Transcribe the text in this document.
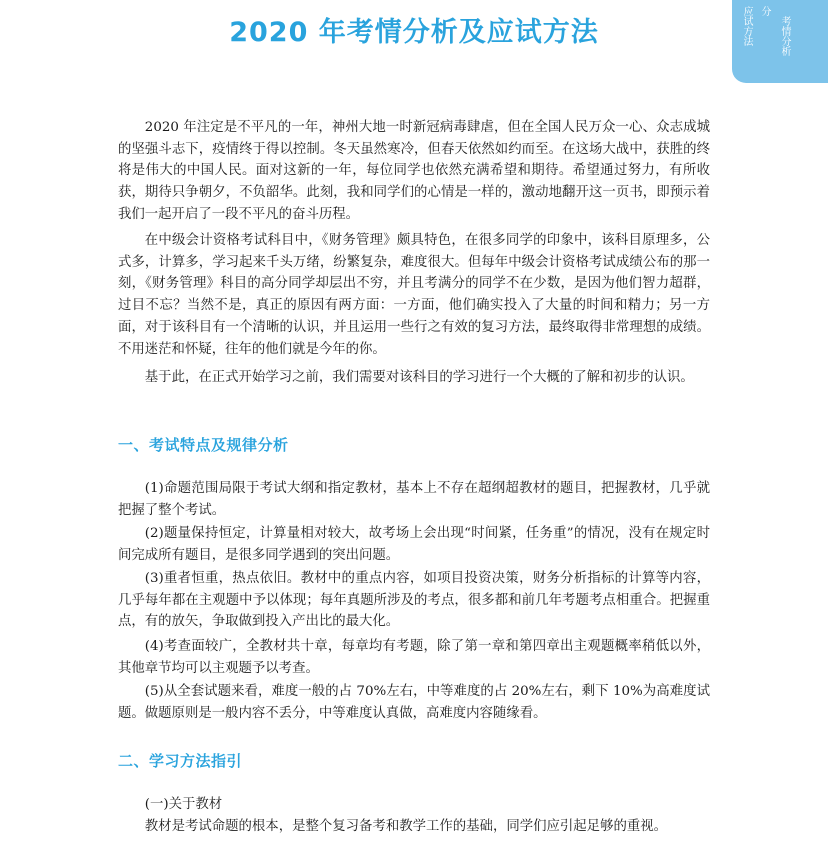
2020 年考情分析及应试方法	应试方法 分
考情分析

2020 年注定是不平凡的一年，神州大地一时新冠病毒肆虐，但在全国人民万众一心、众志成城的坚强斗志下，疫情终于得以控制。冬天虽然寒冷，但春天依然如约而至。在这场大战中，获胜的终将是伟大的中国人民。面对这新的一年，每位同学也依然充满希望和期待。希望通过努力，有所收获，期待只争朝夕，不负韶华。此刻，我和同学们的心情是一样的，激动地翻开这一页书，即预示着我们一起开启了一段不平凡的奋斗历程。

在中级会计资格考试科目中，《财务管理》颇具特色，在很多同学的印象中，该科目原理多，公式多，计算多，学习起来千头万绪，纷繁复杂，难度很大。但每年中级会计资格考试成绩公布的那一刻，《财务管理》科目的高分同学却层出不穷，并且考满分的同学不在少数，是因为他们智力超群，过目不忘？当然不是，真正的原因有两方面：一方面，他们确实投入了大量的时间和精力；另一方面，对于该科目有一个清晰的认识，并且运用一些行之有效的复习方法，最终取得非常理想的成绩。不用迷茫和怀疑，往年的他们就是今年的你。

基于此，在正式开始学习之前，我们需要对该科目的学习进行一个大概的了解和初步的认识。

一、考试特点及规律分析

(1)命题范围局限于考试大纲和指定教材，基本上不存在超纲超教材的题目，把握教材，几乎就把握了整个考试。

(2)题量保持恒定，计算量相对较大，故考场上会出现“时间紧，任务重”的情况，没有在规定时间完成所有题目，是很多同学遇到的突出问题。

(3)重者恒重，热点依旧。教材中的重点内容，如项目投资决策，财务分析指标的计算等内容，几乎每年都在主观题中予以体现；每年真题所涉及的考点，很多都和前几年考题考点相重合。把握重点，有的放矢，争取做到投入产出比的最大化。

(4)考查面较广，全教材共十章，每章均有考题，除了第一章和第四章出主观题概率稍低以外，其他章节均可以主观题予以考查。

(5)从全套试题来看，难度一般的占 70%左右，中等难度的占 20%左右，剩下 10%为高难度试题。做题原则是一般内容不丢分，中等难度认真做，高难度内容随缘看。

二、学习方法指引

(一)关于教材

教材是考试命题的根本，是整个复习备考和教学工作的基础，同学们应引起足够的重视。
